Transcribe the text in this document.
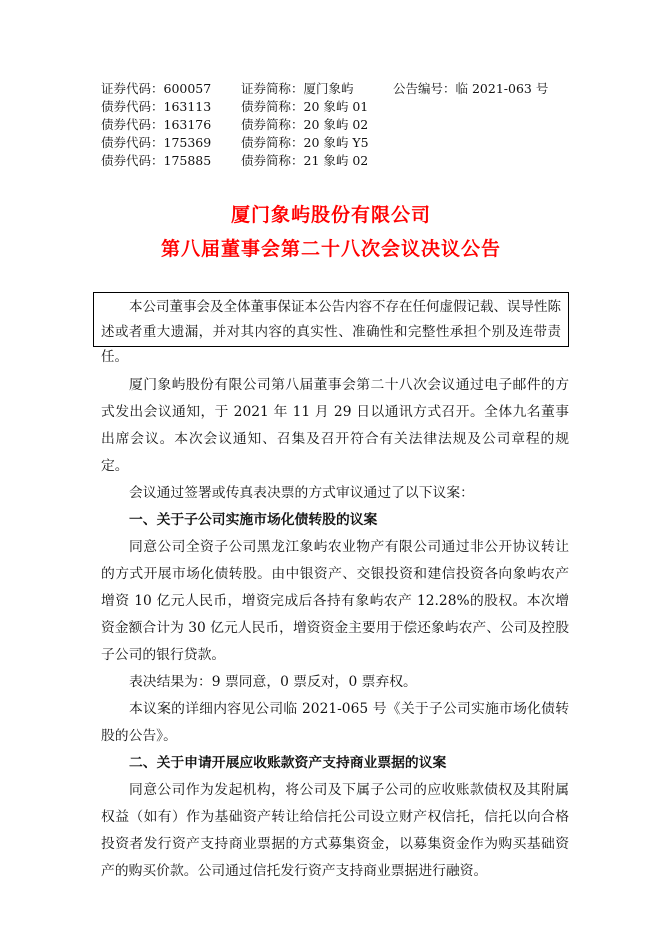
证券代码：600057 证券简称：厦门象屿	公告编号：临 2021-063 号
债券代码：163113 债券简称：20 象屿 01
债券代码：163176 债券简称：20 象屿 02
债券代码：175369 债券简称：20 象屿 Y5
债券代码：175885 债券简称：21 象屿 02
厦门象屿股份有限公司
第八届董事会第二十八次会议决议公告

本公司董事会及全体董事保证本公告内容不存在任何虚假记载、误导性陈述或者重大遗漏，并对其内容的真实性、准确性和完整性承担个别及连带责任。

厦门象屿股份有限公司第八届董事会第二十八次会议通过电子邮件的方式发出会议通知，于 2021 年 11 月 29 日以通讯方式召开。全体九名董事出席会议。本次会议通知、召集及召开符合有关法律法规及公司章程的规定。

会议通过签署或传真表决票的方式审议通过了以下议案：

一、关于子公司实施市场化债转股的议案

同意公司全资子公司黑龙江象屿农业物产有限公司通过非公开协议转让的方式开展市场化债转股。由中银资产、交银投资和建信投资各向象屿农产增资 10 亿元人民币，增资完成后各持有象屿农产 12.28%的股权。本次增资金额合计为 30 亿元人民币，增资资金主要用于偿还象屿农产、公司及控股子公司的银行贷款。

表决结果为：9 票同意，0 票反对，0 票弃权。

本议案的详细内容见公司临 2021-065 号《关于子公司实施市场化债转股的公告》。

二、关于申请开展应收账款资产支持商业票据的议案

同意公司作为发起机构，将公司及下属子公司的应收账款债权及其附属权益（如有）作为基础资产转让给信托公司设立财产权信托，信托以向合格投资者发行资产支持商业票据的方式募集资金，以募集资金作为购买基础资产的购买价款。公司通过信托发行资产支持商业票据进行融资。
